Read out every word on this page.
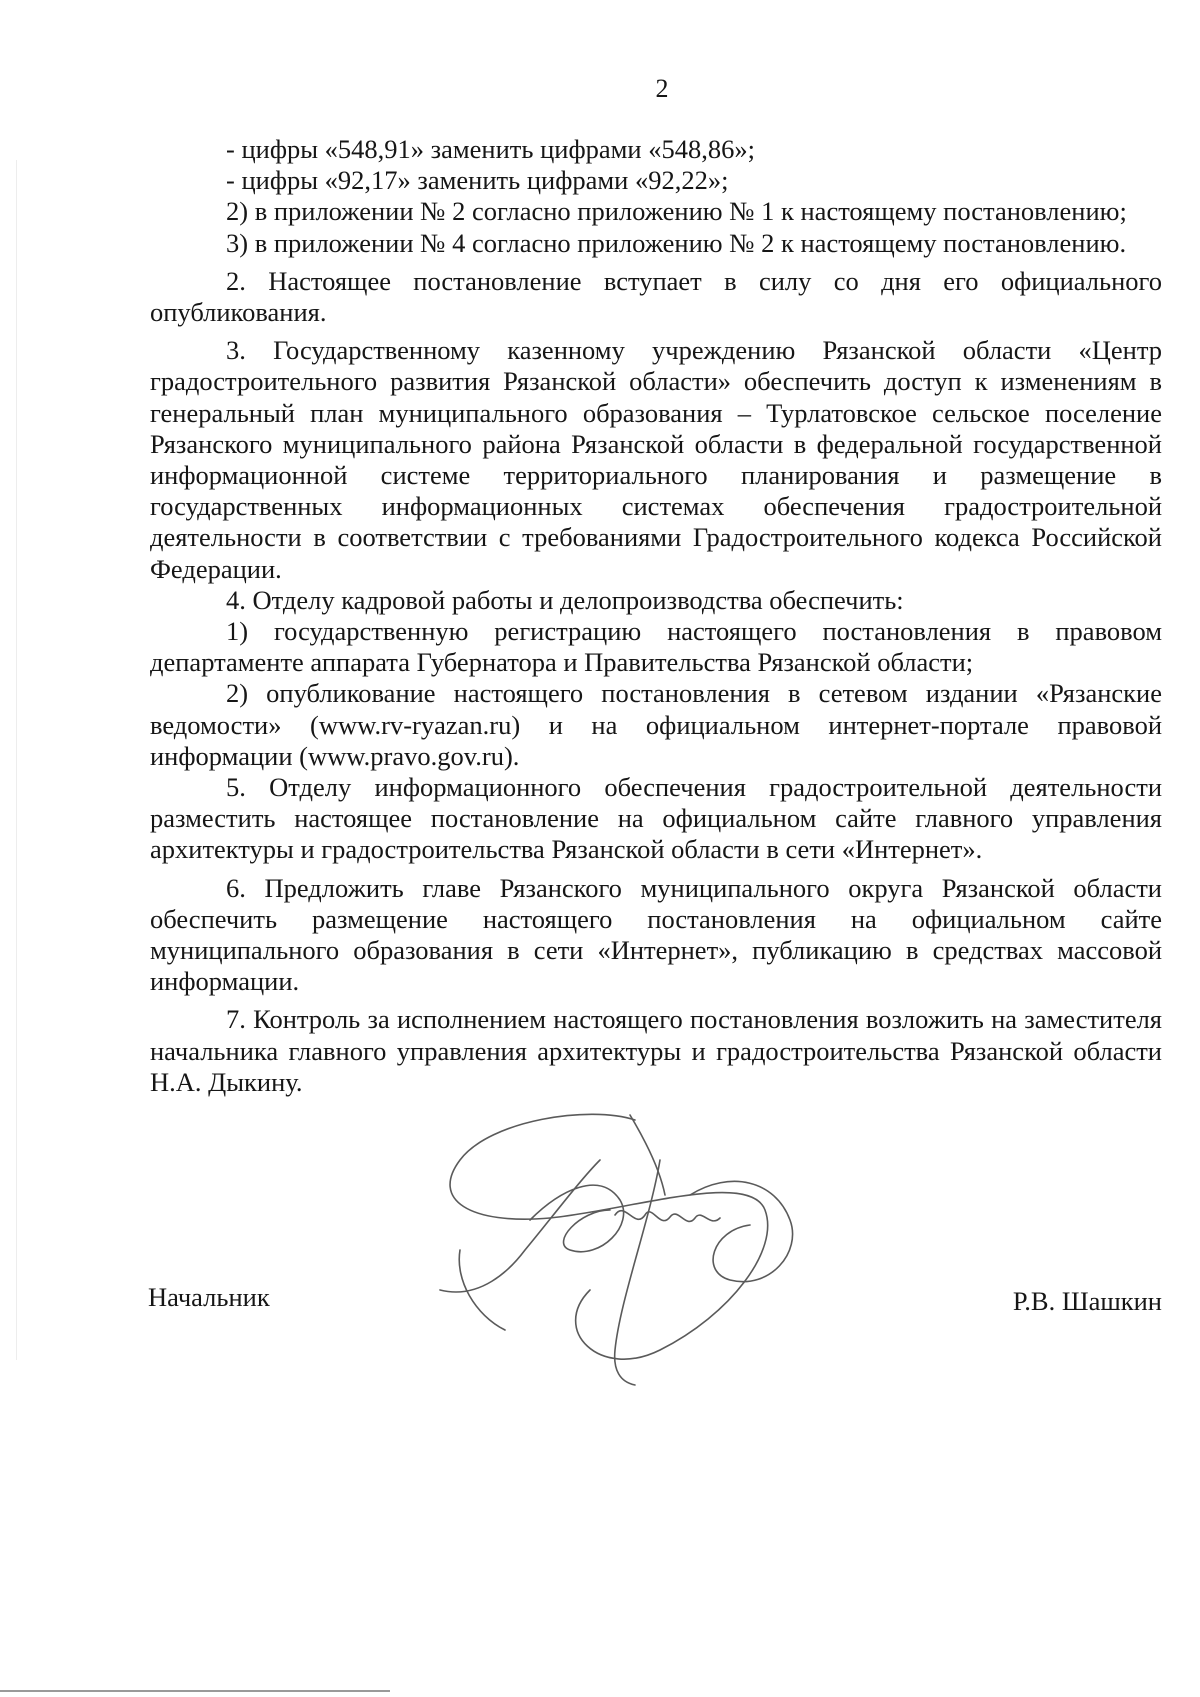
2

- цифры «548,91» заменить цифрами «548,86»;

- цифры «92,17» заменить цифрами «92,22»;

2) в приложении № 2 согласно приложению № 1 к настоящему постановлению;

3) в приложении № 4 согласно приложению № 2 к настоящему постановлению.

2. Настоящее постановление вступает в силу со дня его официального опубликования.

3. Государственному казенному учреждению Рязанской области «Центр градостроительного развития Рязанской области» обеспечить доступ к изменениям в генеральный план муниципального образования – Турлатовское сельское поселение Рязанского муниципального района Рязанской области в федеральной государственной информационной системе территориального планирования и размещение в государственных информационных системах обеспечения градостроительной деятельности в соответствии с требованиями Градостроительного кодекса Российской Федерации.

4. Отделу кадровой работы и делопроизводства обеспечить:

1) государственную регистрацию настоящего постановления в правовом департаменте аппарата Губернатора и Правительства Рязанской области;

2) опубликование настоящего постановления в сетевом издании «Рязанские ведомости» (www.rv-ryazan.ru) и на официальном интернет-портале правовой информации (www.pravo.gov.ru).

5. Отделу информационного обеспечения градостроительной деятельности разместить настоящее постановление на официальном сайте главного управления архитектуры и градостроительства Рязанской области в сети «Интернет».

6. Предложить главе Рязанского муниципального округа Рязанской области обеспечить размещение настоящего постановления на официальном сайте муниципального образования в сети «Интернет», публикацию в средствах массовой информации.

7. Контроль за исполнением настоящего постановления возложить на заместителя начальника главного управления архитектуры и градостроительства Рязанской области Н.А. Дыкину.

Начальник	Р.В. Шашкин
